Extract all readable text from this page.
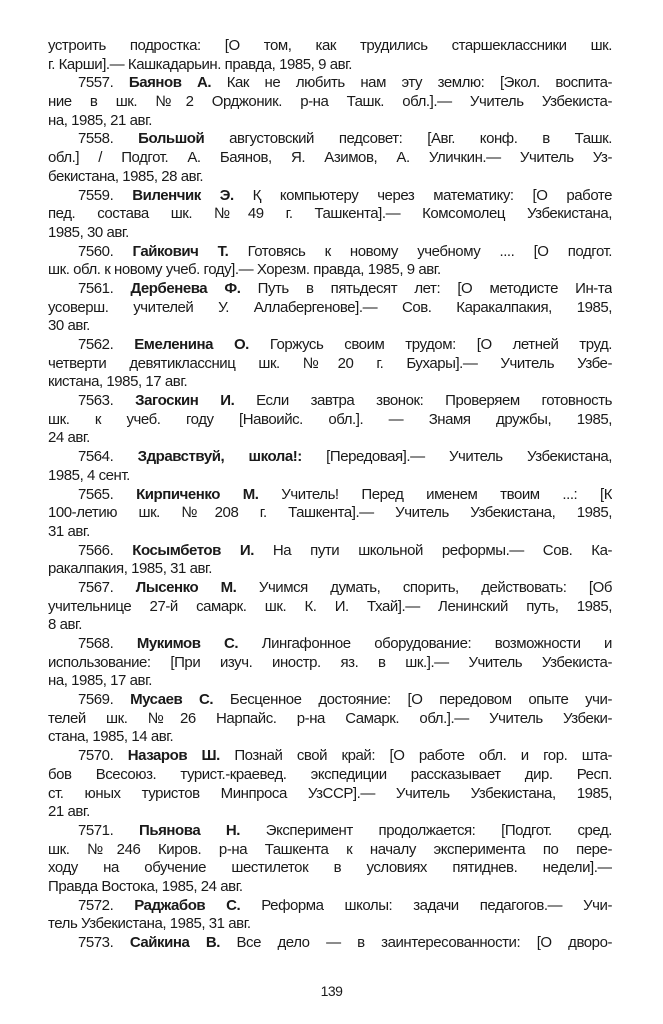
устроить подростка: [О том, как трудились старшеклассники шк.
г. Карши].— Кашкадарьин. правда, 1985, 9 авг.
7557. Баянов А. Как не любить нам эту землю: [Экол. воспита-
ние в шк. №2 Орджоник. р-на Ташк. обл.].— Учитель Узбекиста-
на, 1985, 21 авг.
7558. Большой августовский педсовет: [Авг. конф. в Ташк.
обл.] / Подгот. А. Баянов, Я. Азимов, А. Уличкин.— Учитель Уз-
бекистана, 1985, 28 авг.
7559. Виленчик Э. Қ компьютеру через математику: [О работе
пед. состава шк. №49 г. Ташкента].— Комсомолец Узбекистана,
1985, 30 авг.
7560. Гайкович Т. Готовясь к новому учебному .... [О подгот.
шк. обл. к новому учеб. году].— Хорезм. правда, 1985, 9 авг.
7561. Дербенева Ф. Путь в пятьдесят лет: [О методисте Ин-та
усоверш. учителей У. Аллабергенове].— Сов. Каракалпакия, 1985,
30 авг.
7562. Емеленина О. Горжусь своим трудом: [О летней труд.
четверти девятиклассниц шк. №20 г. Бухары].— Учитель Узбе-
кистана, 1985, 17 авг.
7563. Загоскин И. Если завтра звонок: Проверяем готовность
шк. к учеб. году [Навоийс. обл.]. — Знамя дружбы, 1985,
24 авг.
7564. Здравствуй, школа!: [Передовая].— Учитель Узбекистана,
1985, 4 сент.
7565. Кирпиченко М. Учитель! Перед именем твоим ...: [К
100-летию шк. №208 г. Ташкента].— Учитель Узбекистана, 1985,
31 авг.
7566. Косымбетов И. На пути школьной реформы.— Сов. Ка-
ракалпакия, 1985, 31 авг.
7567. Лысенко М. Учимся думать, спорить, действовать: [Об
учительнице 27-й самарк. шк. К. И. Тхай].— Ленинский путь, 1985,
8 авг.
7568. Мукимов С. Лингафонное оборудование: возможности и
использование: [При изуч. иностр. яз. в шк.].— Учитель Узбекиста-
на, 1985, 17 авг.
7569. Мусаев С. Бесценное достояние: [О передовом опыте учи-
телей шк. №26 Нарпайс. р-на Самарк. обл.].— Учитель Узбеки-
стана, 1985, 14 авг.
7570. Назаров Ш. Познай свой край: [О работе обл. и гор. шта-
бов Всесоюз. турист.-краевед. экспедиции рассказывает дир. Респ.
ст. юных туристов Минпроса УзССР].— Учитель Узбекистана, 1985,
21 авг.
7571. Пьянова Н. Эксперимент продолжается: [Подгот. сред.
шк. №246 Киров. р-на Ташкента к началу эксперимента по пере-
ходу на обучение шестилеток в условиях пятиднев. недели].—
Правда Востока, 1985, 24 авг.
7572. Раджабов С. Реформа школы: задачи педагогов.— Учи-
тель Узбекистана, 1985, 31 авг.
7573. Сайкина В. Все дело — в заинтересованности: [О дворо-
139
